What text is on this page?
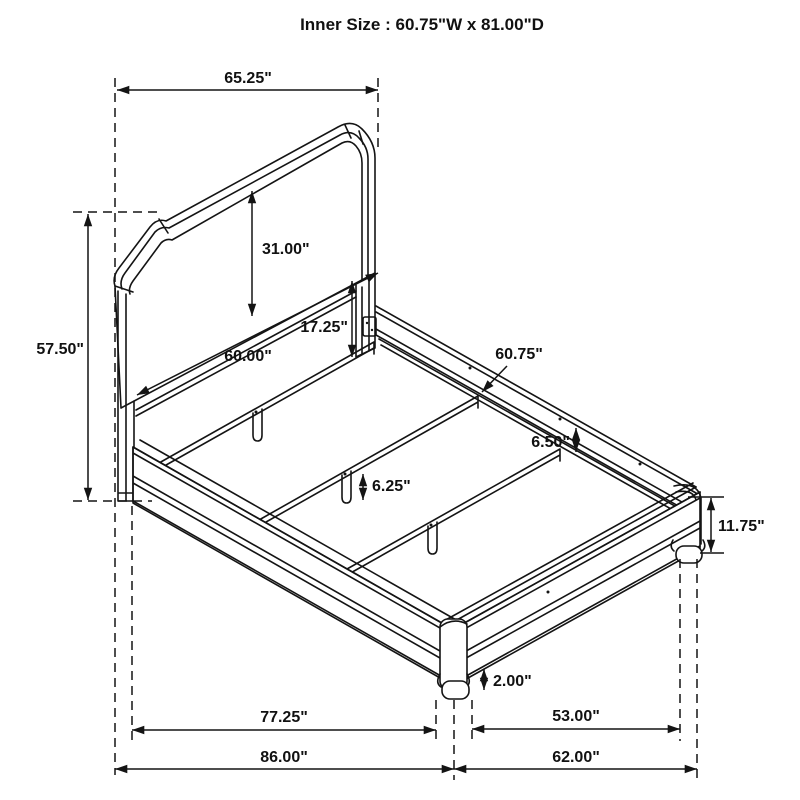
65.25"
57.50"
31.00"
17.25"
60.00"	60.75"
6.50"
6.25"
11.75"
2.00"
77.25"
86.00"
53.00"
62.00"
Inner Size : 60.75"W x 81.00"D
